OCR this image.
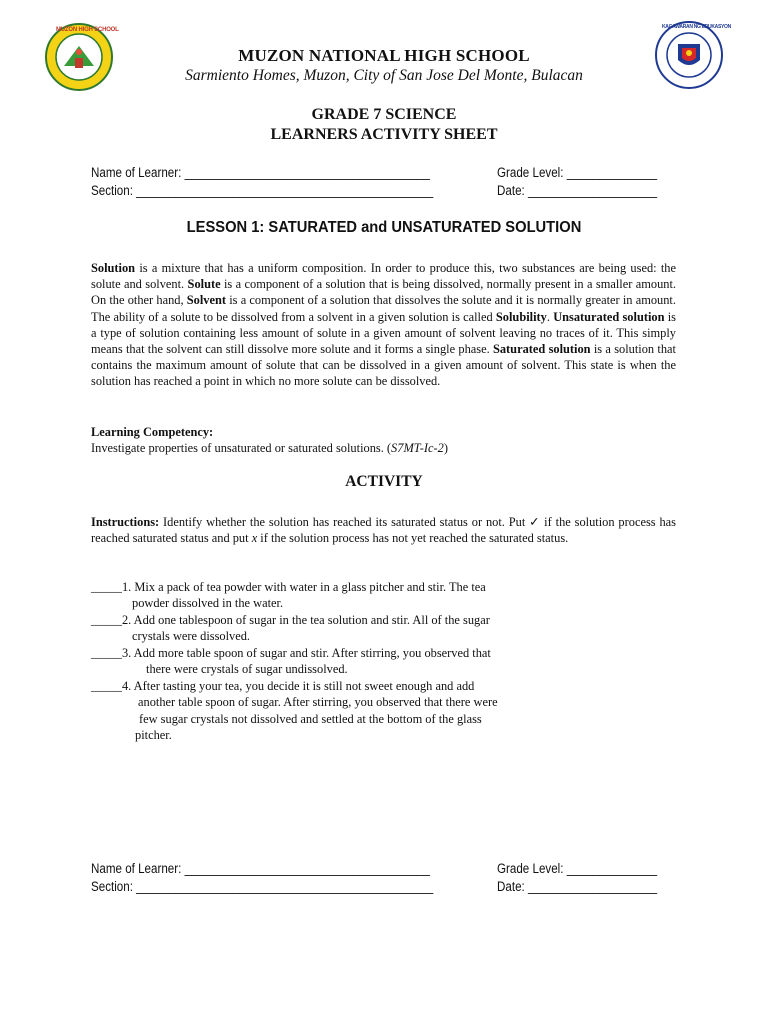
MUZON HIGH SCHOOL	KAGAWARAN NG EDUKASYON
MUZON NATIONAL HIGH SCHOOL
Sarmiento Homes, Muzon, City of San Jose Del Monte, Bulacan
GRADE 7 SCIENCE
LEARNERS ACTIVITY SHEET
Name of Learner: ______________________________________
Section: ______________________________________________
Grade Level: ______________
Date: ____________________
LESSON 1: SATURATED and UNSATURATED SOLUTION
Solution is a mixture that has a uniform composition. In order to produce this, two substances are being used: the solute and solvent. Solute is a component of a solution that is being dissolved, normally present in a smaller amount. On the other hand, Solvent is a component of a solution that dissolves the solute and it is normally greater in amount. The ability of a solute to be dissolved from a solvent in a given solution is called Solubility. Unsaturated solution is a type of solution containing less amount of solute in a given amount of solvent leaving no traces of it. This simply means that the solvent can still dissolve more solute and it forms a single phase. Saturated solution is a solution that contains the maximum amount of solute that can be dissolved in a given amount of solvent. This state is when the solution has reached a point in which no more solute can be dissolved.
Learning Competency:
Investigate properties of unsaturated or saturated solutions. (S7MT-Ic-2)
ACTIVITY
Instructions: Identify whether the solution has reached its saturated status or not. Put ✓ if the solution process has reached saturated status and put x if the solution process has not yet reached the saturated status.
_____1. Mix a pack of tea powder with water in a glass pitcher and stir. The tea
powder dissolved in the water.
_____2. Add one tablespoon of sugar in the tea solution and stir. All of the sugar
crystals were dissolved.
_____3. Add more table spoon of sugar and stir. After stirring, you observed that
there were crystals of sugar undissolved.
_____4. After tasting your tea, you decide it is still not sweet enough and add
another table spoon of sugar. After stirring, you observed that there were
few sugar crystals not dissolved and settled at the bottom of the glass
pitcher.
Name of Learner: ______________________________________
Section: ______________________________________________
Grade Level: ______________
Date: ____________________
